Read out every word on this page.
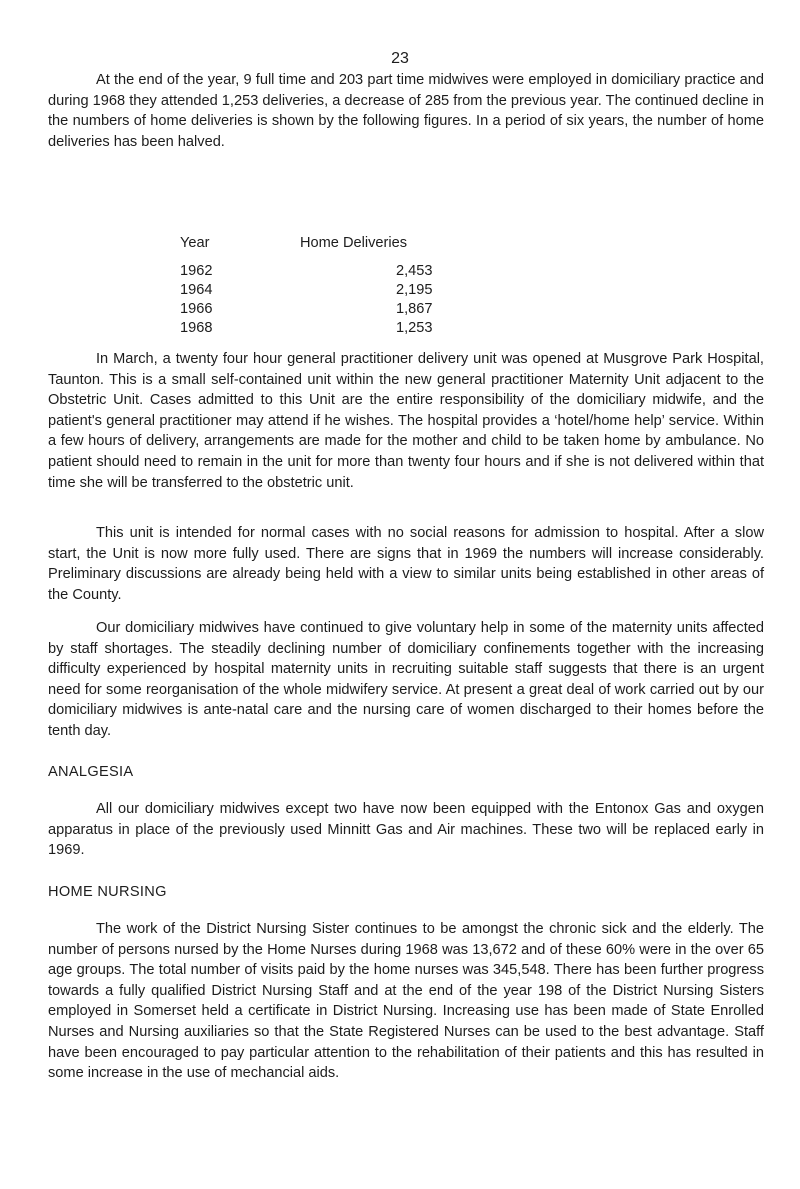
23

At the end of the year, 9 full time and 203 part time midwives were employed in domiciliary practice and during 1968 they attended 1,253 deliveries, a decrease of 285 from the previous year. The continued decline in the numbers of home deliveries is shown by the following figures. In a period of six years, the number of home deliveries has been halved.

Year	Home Deliveries
1962	2,453
1964	2,195
1966	1,867
1968	1,253

In March, a twenty four hour general practitioner delivery unit was opened at Musgrove Park Hospital, Taunton. This is a small self-contained unit within the new general practitioner Maternity Unit adjacent to the Obstetric Unit. Cases admitted to this Unit are the entire responsibility of the domiciliary midwife, and the patient's general practitioner may attend if he wishes. The hospital provides a ‘hotel/home help’ service. Within a few hours of delivery, arrangements are made for the mother and child to be taken home by ambulance. No patient should need to remain in the unit for more than twenty four hours and if she is not delivered within that time she will be transferred to the obstetric unit.

This unit is intended for normal cases with no social reasons for admission to hospital. After a slow start, the Unit is now more fully used. There are signs that in 1969 the numbers will increase considerably. Preliminary discussions are already being held with a view to similar units being established in other areas of the County.

Our domiciliary midwives have continued to give voluntary help in some of the maternity units affected by staff shortages. The steadily declining number of domiciliary confinements together with the increasing difficulty experienced by hospital maternity units in recruiting suitable staff suggests that there is an urgent need for some reorganisation of the whole midwifery service. At present a great deal of work carried out by our domiciliary midwives is ante-natal care and the nursing care of women discharged to their homes before the tenth day.

ANALGESIA

All our domiciliary midwives except two have now been equipped with the Entonox Gas and oxygen apparatus in place of the previously used Minnitt Gas and Air machines. These two will be replaced early in 1969.

HOME NURSING

The work of the District Nursing Sister continues to be amongst the chronic sick and the elderly. The number of persons nursed by the Home Nurses during 1968 was 13,672 and of these 60% were in the over 65 age groups. The total number of visits paid by the home nurses was 345,548. There has been further progress towards a fully qualified District Nursing Staff and at the end of the year 198 of the District Nursing Sisters employed in Somerset held a certificate in District Nursing. Increasing use has been made of State Enrolled Nurses and Nursing auxiliaries so that the State Registered Nurses can be used to the best advantage. Staff have been encouraged to pay particular attention to the rehabilitation of their patients and this has resulted in some increase in the use of mechancial aids.
